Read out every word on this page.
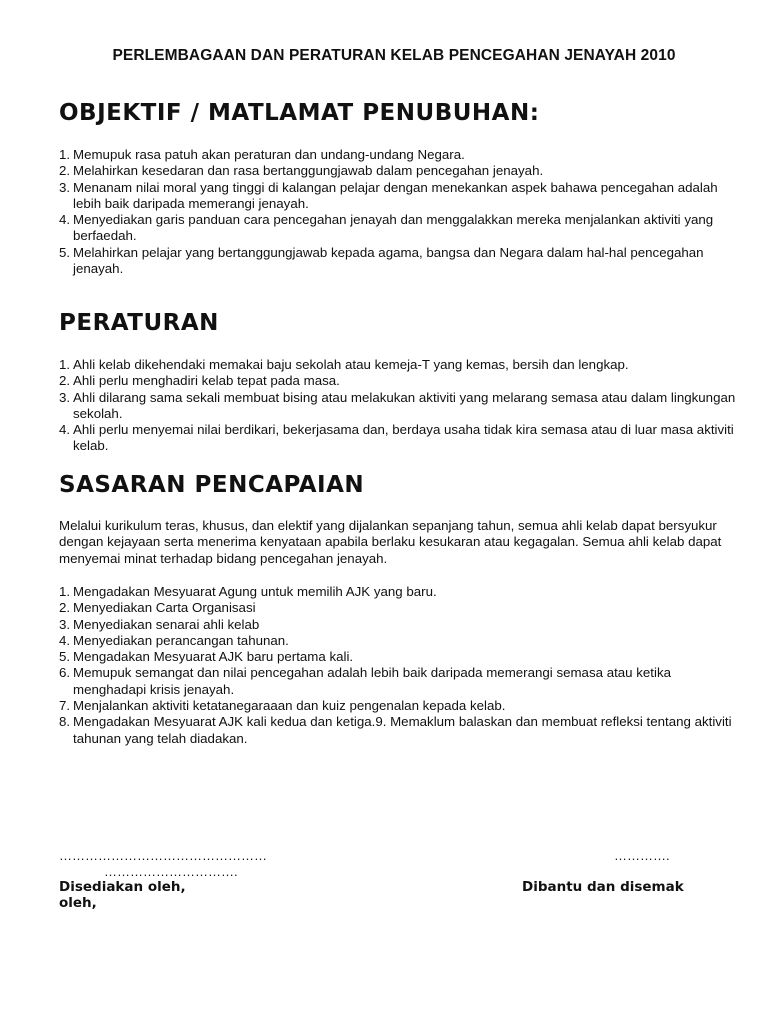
PERLEMBAGAAN DAN PERATURAN KELAB PENCEGAHAN JENAYAH 2010
OBJEKTIF / MATLAMAT PENUBUHAN:
1. Memupuk rasa patuh akan peraturan dan undang-undang Negara.
2. Melahirkan kesedaran dan rasa bertanggungjawab dalam pencegahan jenayah.
3. Menanam nilai moral yang tinggi di kalangan pelajar dengan menekankan aspek bahawa pencegahan adalah lebih baik daripada memerangi jenayah.
4. Menyediakan garis panduan cara pencegahan jenayah dan menggalakkan mereka menjalankan aktiviti yang berfaedah.
5. Melahirkan pelajar yang bertanggungjawab kepada agama, bangsa dan Negara dalam hal-hal pencegahan jenayah.
PERATURAN
1. Ahli kelab dikehendaki memakai baju sekolah atau kemeja-T yang kemas, bersih dan lengkap.
2. Ahli perlu menghadiri kelab tepat pada masa.
3. Ahli dilarang sama sekali membuat bising atau melakukan aktiviti yang melarang semasa atau dalam lingkungan sekolah.
4. Ahli perlu menyemai nilai berdikari, bekerjasama dan, berdaya usaha tidak kira semasa atau di luar masa aktiviti kelab.
SASARAN PENCAPAIAN

Melalui kurikulum teras, khusus, dan elektif yang dijalankan sepanjang tahun, semua ahli kelab dapat bersyukur dengan kejayaan serta menerima kenyataan apabila berlaku kesukaran atau kegagalan. Semua ahli kelab dapat menyemai minat terhadap bidang pencegahan jenayah.

1. Mengadakan Mesyuarat Agung untuk memilih AJK yang baru.
2. Menyediakan Carta Organisasi
3. Menyediakan senarai ahli kelab
4. Menyediakan perancangan tahunan.
5. Mengadakan Mesyuarat AJK baru pertama kali.
6. Memupuk semangat dan nilai pencegahan adalah lebih baik daripada memerangi semasa atau ketika menghadapi krisis jenayah.
7. Menjalankan aktiviti ketatanegaraaan dan kuiz pengenalan kepada kelab.
8. Mengadakan Mesyuarat AJK kali kedua dan ketiga.9. Memaklum balaskan dan membuat refleksi tentang aktiviti tahunan yang telah diadakan.
…………………………………………	………….
………………………….
Disediakan oleh,	Dibantu dan disemak
oleh,
